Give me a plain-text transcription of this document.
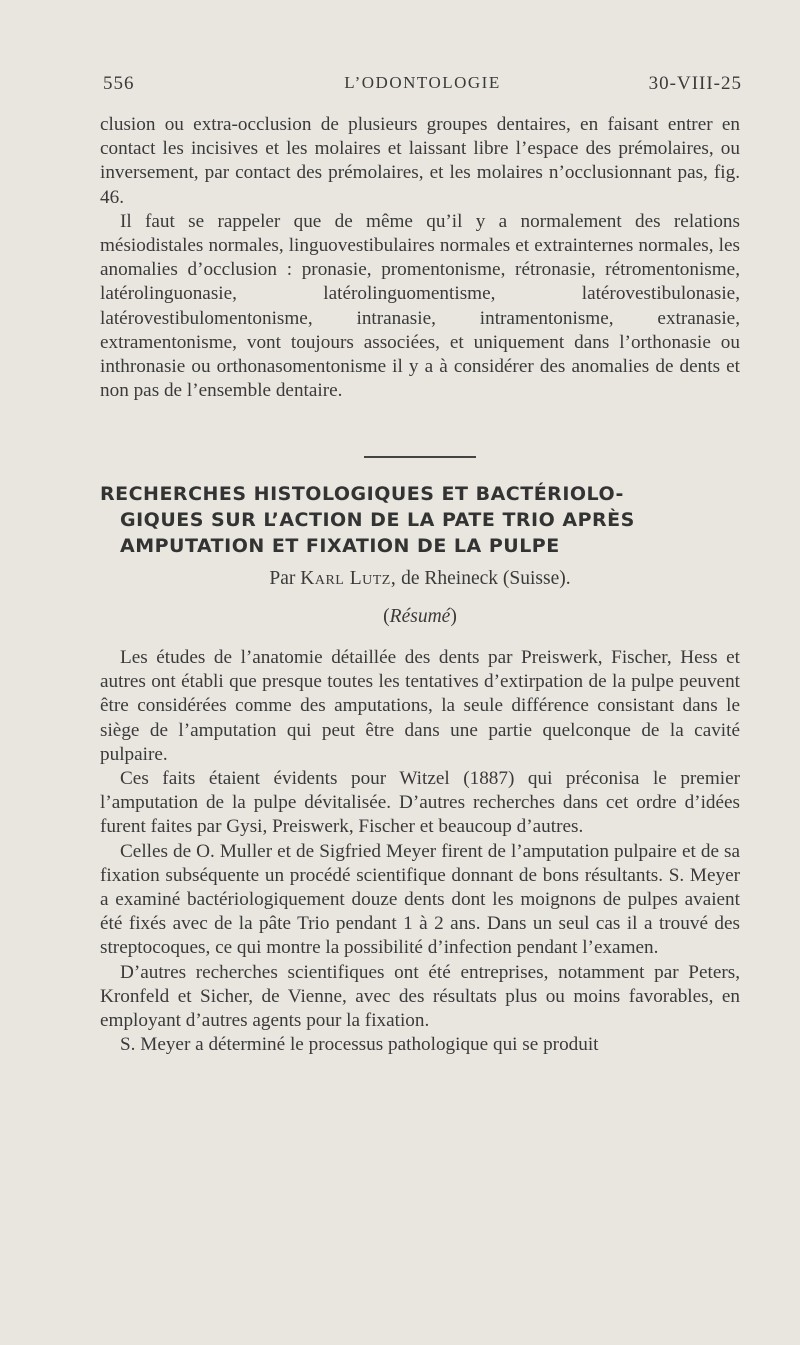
556	L’ODONTOLOGIE	30-VIII-25

clusion ou extra-occlusion de plusieurs groupes dentaires, en faisant entrer en contact les incisives et les molaires et laissant libre l’espace des prémolaires, ou inversement, par contact des prémolaires, et les molaires n’occlusionnant pas, fig. 46.

Il faut se rappeler que de même qu’il y a normalement des relations mésiodistales normales, linguovestibulaires normales et extrainternes normales, les anomalies d’occlusion : pronasie, promentonisme, rétronasie, rétromentonisme, latérolinguonasie, latérolinguomentisme, latérovestibulonasie, latérovestibulomentonisme, intranasie, intramentonisme, extranasie, extramentonisme, vont toujours associées, et uniquement dans l’orthonasie ou inthronasie ou orthonasomentonisme il y a à considérer des anomalies de dents et non pas de l’ensemble dentaire.

RECHERCHES HISTOLOGIQUES ET BACTÉRIOLO-
GIQUES SUR L’ACTION DE LA PATE TRIO APRÈS
AMPUTATION ET FIXATION DE LA PULPE
Par Karl Lutz, de Rheineck (Suisse).
(Résumé)

Les études de l’anatomie détaillée des dents par Preiswerk, Fischer, Hess et autres ont établi que presque toutes les tentatives d’extirpation de la pulpe peuvent être considérées comme des amputations, la seule différence consistant dans le siège de l’amputation qui peut être dans une partie quelconque de la cavité pulpaire.

Ces faits étaient évidents pour Witzel (1887) qui préconisa le premier l’amputation de la pulpe dévitalisée. D’autres recherches dans cet ordre d’idées furent faites par Gysi, Preiswerk, Fischer et beaucoup d’autres.

Celles de O. Muller et de Sigfried Meyer firent de l’amputation pulpaire et de sa fixation subséquente un procédé scientifique donnant de bons résultants. S. Meyer a examiné bactériologiquement douze dents dont les moignons de pulpes avaient été fixés avec de la pâte Trio pendant 1 à 2 ans. Dans un seul cas il a trouvé des streptocoques, ce qui montre la possibilité d’infection pendant l’examen.

D’autres recherches scientifiques ont été entreprises, notamment par Peters, Kronfeld et Sicher, de Vienne, avec des résultats plus ou moins favorables, en employant d’autres agents pour la fixation.

S. Meyer a déterminé le processus pathologique qui se produit
